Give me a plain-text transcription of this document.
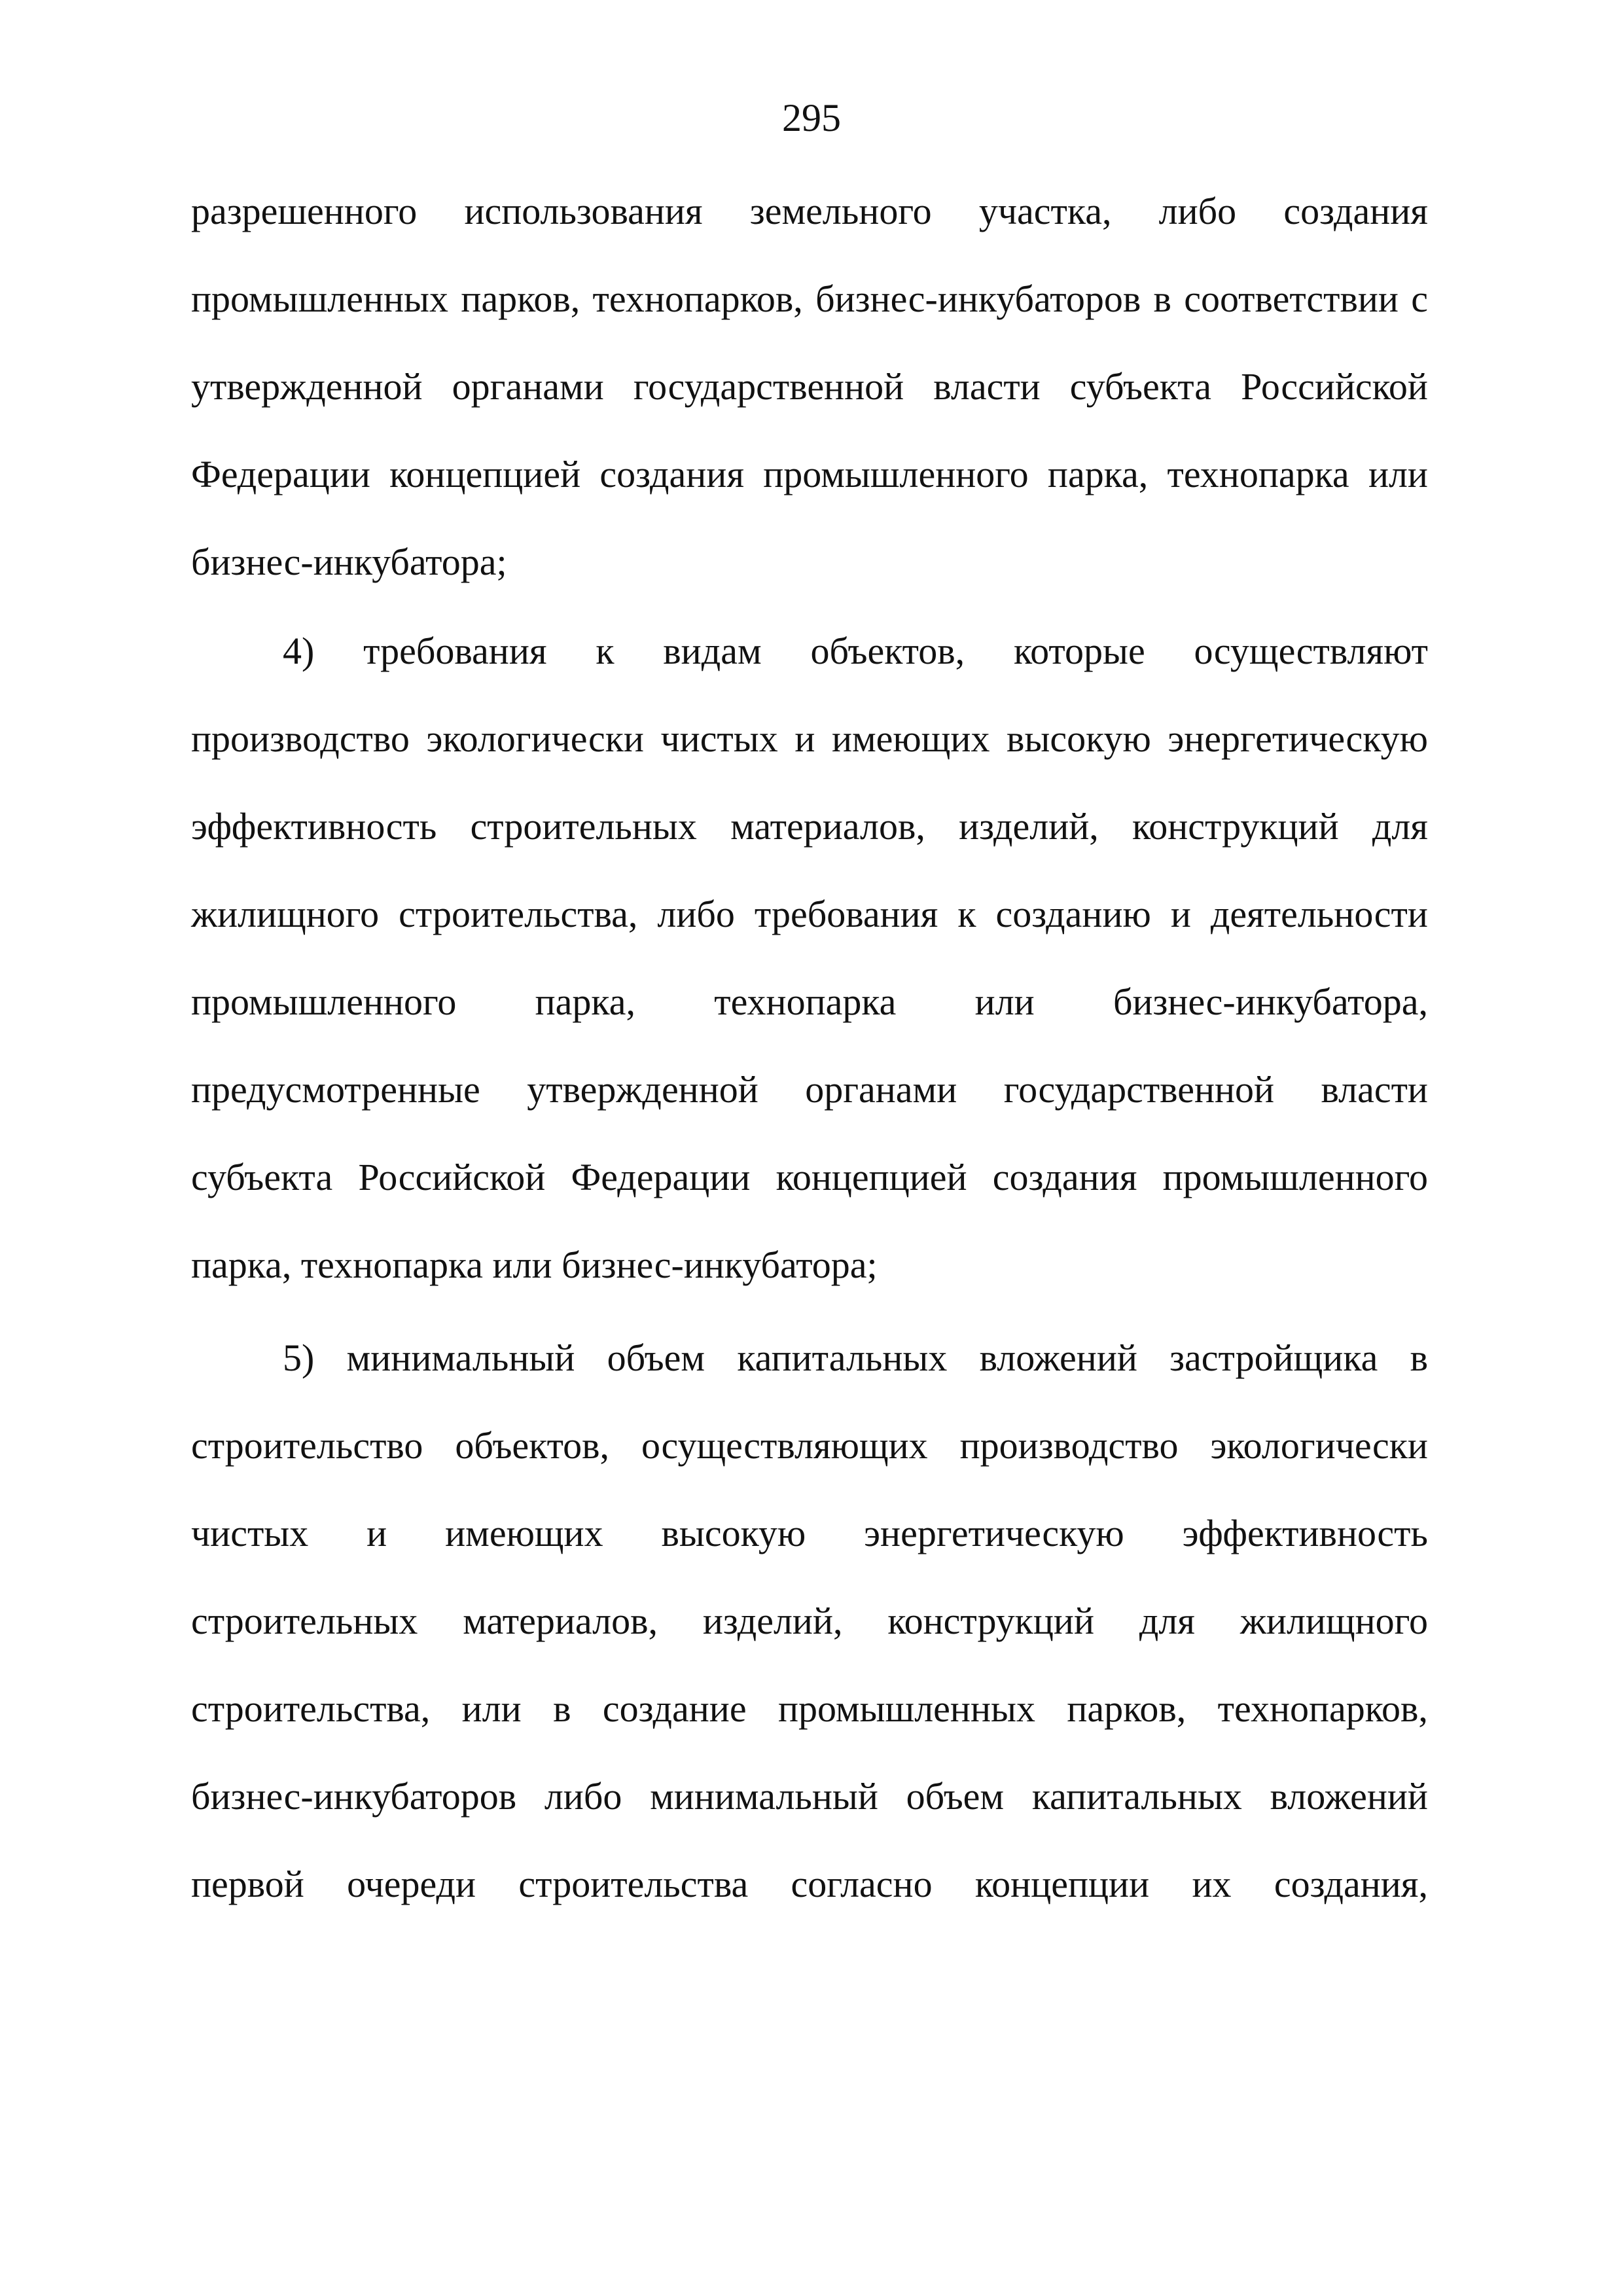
295
разрешенного использования земельного участка, либо создания
промышленных парков, технопарков, бизнес-инкубаторов в соответствии с
утвержденной органами государственной власти субъекта Российской
Федерации концепцией создания промышленного парка, технопарка или
бизнес-инкубатора;
4) требования к видам объектов, которые осуществляют
производство экологически чистых и имеющих высокую энергетическую
эффективность строительных материалов, изделий, конструкций для
жилищного строительства, либо требования к созданию и деятельности
промышленного парка, технопарка или бизнес-инкубатора,
предусмотренные утвержденной органами государственной власти
субъекта Российской Федерации концепцией создания промышленного
парка, технопарка или бизнес-инкубатора;
5) минимальный объем капитальных вложений застройщика в
строительство объектов, осуществляющих производство экологически
чистых и имеющих высокую энергетическую эффективность
строительных материалов, изделий, конструкций для жилищного
строительства, или в создание промышленных парков, технопарков,
бизнес-инкубаторов либо минимальный объем капитальных вложений
первой очереди строительства согласно концепции их создания,
